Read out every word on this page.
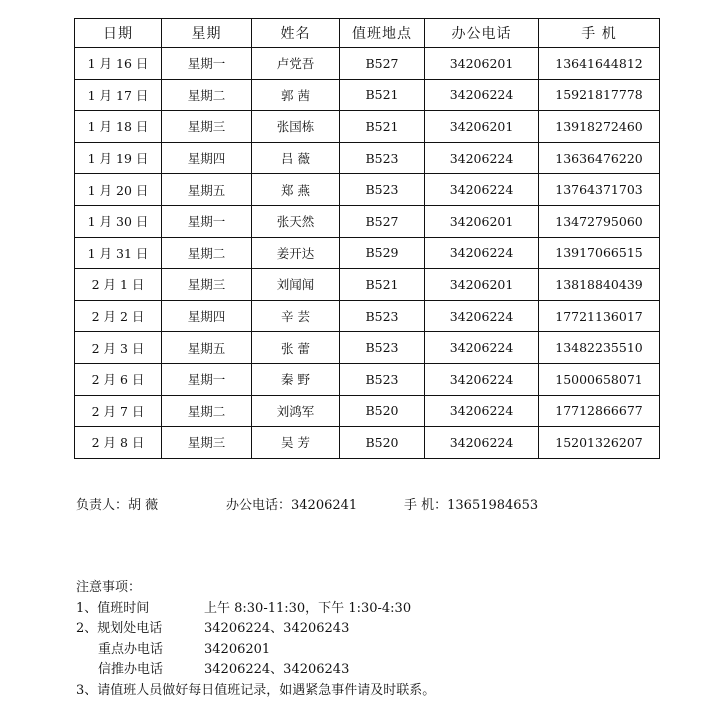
日期	星期	姓名	值班地点	办公电话	手 机
1 月 16 日	星期一	卢党吾	B527	34206201	13641644812
1 月 17 日	星期二	郭 茜	B521	34206224	15921817778
1 月 18 日	星期三	张国栋	B521	34206201	13918272460
1 月 19 日	星期四	吕 薇	B523	34206224	13636476220
1 月 20 日	星期五	郑 燕	B523	34206224	13764371703
1 月 30 日	星期一	张天然	B527	34206201	13472795060
1 月 31 日	星期二	姜开达	B529	34206224	13917066515
2 月 1 日	星期三	刘闻闻	B521	34206201	13818840439
2 月 2 日	星期四	辛 芸	B523	34206224	17721136017
2 月 3 日	星期五	张 蕾	B523	34206224	13482235510
2 月 6 日	星期一	秦 野	B523	34206224	15000658071
2 月 7 日	星期二	刘鸿军	B520	34206224	17712866677
2 月 8 日	星期三	吴 芳	B520	34206224	15201326207
负责人：胡 薇	办公电话：34206241	手 机：13651984653
注意事项：
1、值班时间	上午 8:30-11:30，下午 1:30-4:30
2、规划处电话	34206224、34206243
重点办电话	34206201
信推办电话	34206224、34206243
3、请值班人员做好每日值班记录，如遇紧急事件请及时联系。
